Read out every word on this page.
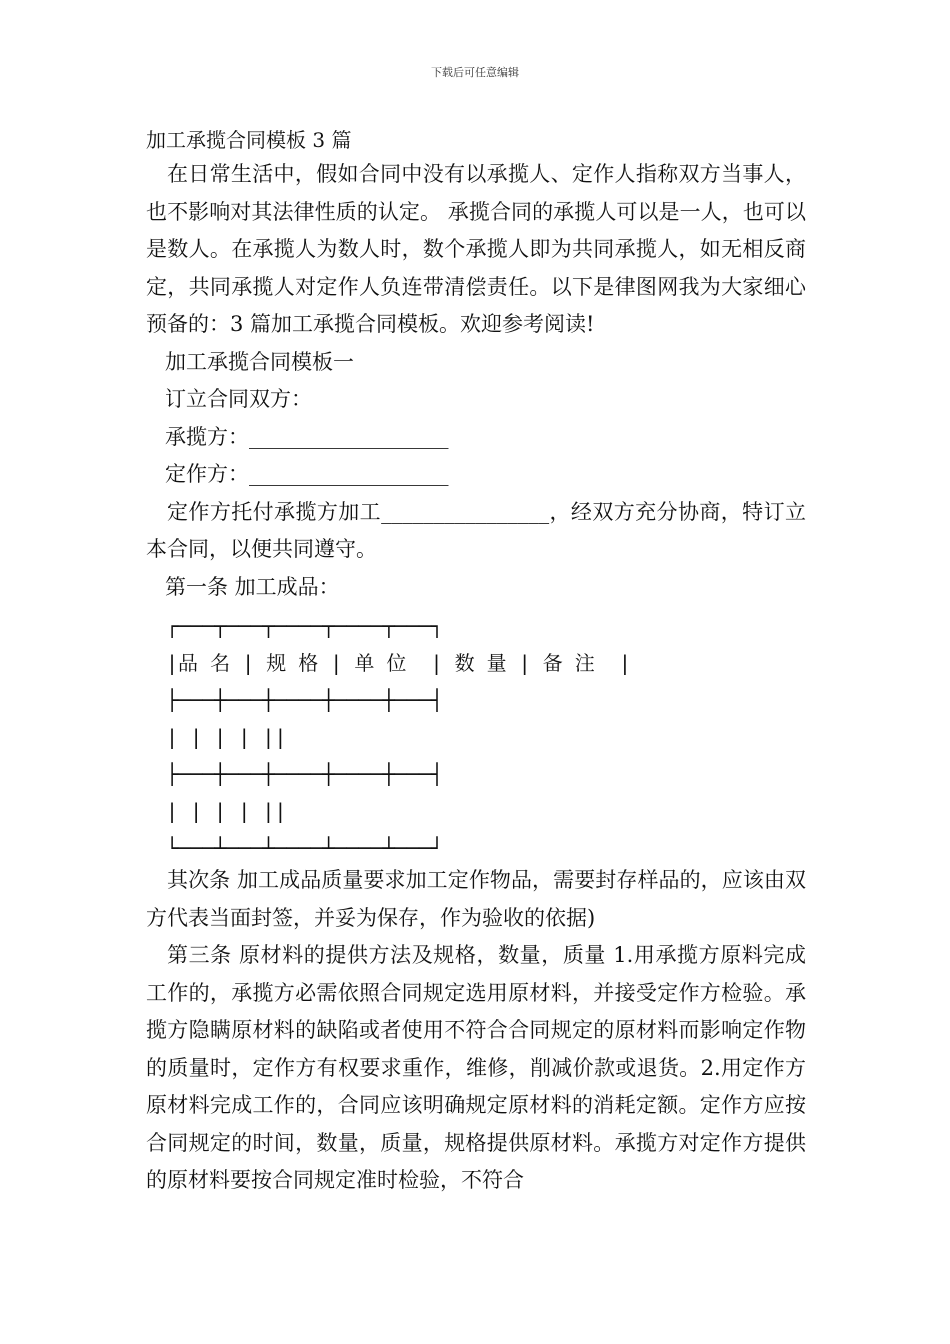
下载后可任意编辑
加工承揽合同模板 3 篇

在日常生活中，假如合同中没有以承揽人、定作人指称双方当事人，也不影响对其法律性质的认定。 承揽合同的承揽人可以是一人，也可以是数人。在承揽人为数人时，数个承揽人即为共同承揽人，如无相反商定，共同承揽人对定作人负连带清偿责任。以下是律图网我为大家细心预备的：3 篇加工承揽合同模板。欢迎参考阅读!

加工承揽合同模板一

订立合同双方：

承揽方：___________________

定作方：___________________

定作方托付承揽方加工________________，经双方充分协商，特订立本合同，以便共同遵守。

第一条 加工成品：

┌───┬───┬────┬────┬───┐

|品 名 | 规 格 | 单 位  | 数 量 | 备 注  |

├───┼───┼────┼────┼───┤

| | | | ||

├───┼───┼────┼────┼───┤

| | | | ||

└───┴───┴────┴────┴───┘

其次条 加工成品质量要求加工定作物品，需要封存样品的，应该由双方代表当面封签，并妥为保存，作为验收的依据)

第三条 原材料的提供方法及规格，数量，质量 1.用承揽方原料完成工作的，承揽方必需依照合同规定选用原材料，并接受定作方检验。承揽方隐瞒原材料的缺陷或者使用不符合合同规定的原材料而影响定作物的质量时，定作方有权要求重作，维修，削减价款或退货。2.用定作方原材料完成工作的，合同应该明确规定原材料的消耗定额。定作方应按合同规定的时间，数量，质量，规格提供原材料。承揽方对定作方提供的原材料要按合同规定准时检验，不符合
